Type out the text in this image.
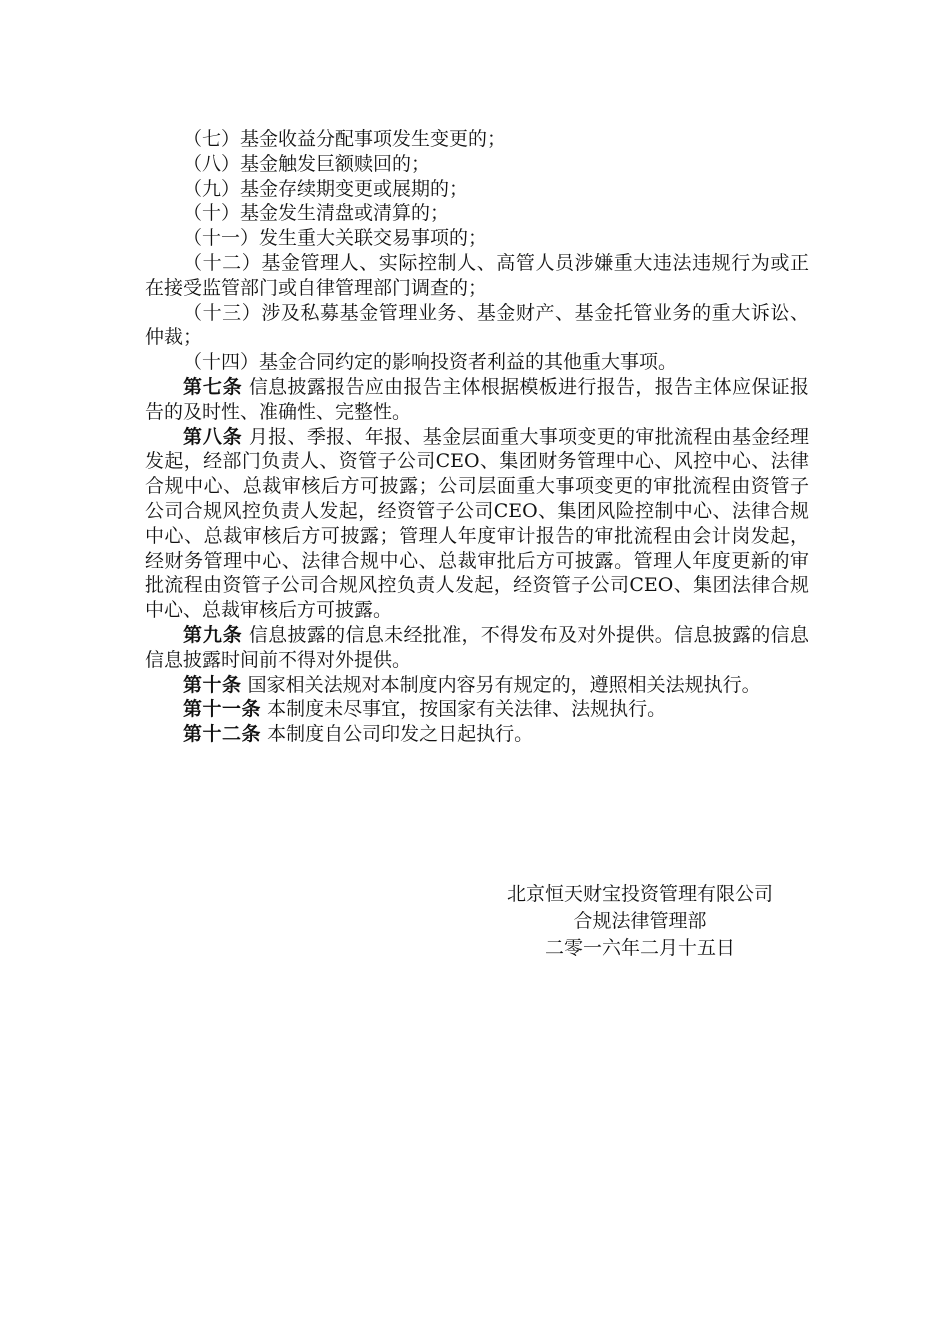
（七）基金收益分配事项发生变更的；

（八）基金触发巨额赎回的；

（九）基金存续期变更或展期的；

（十）基金发生清盘或清算的；

（十一）发生重大关联交易事项的；

（十二）基金管理人、实际控制人、高管人员涉嫌重大违法违规行为或正在接受监管部门或自律管理部门调查的；

（十三）涉及私募基金管理业务、基金财产、基金托管业务的重大诉讼、仲裁；

（十四）基金合同约定的影响投资者利益的其他重大事项。

第七条 信息披露报告应由报告主体根据模板进行报告，报告主体应保证报告的及时性、准确性、完整性。

第八条 月报、季报、年报、基金层面重大事项变更的审批流程由基金经理发起，经部门负责人、资管子公司CEO、集团财务管理中心、风控中心、法律合规中心、总裁审核后方可披露；公司层面重大事项变更的审批流程由资管子公司合规风控负责人发起，经资管子公司CEO、集团风险控制中心、法律合规中心、总裁审核后方可披露；管理人年度审计报告的审批流程由会计岗发起，经财务管理中心、法律合规中心、总裁审批后方可披露。管理人年度更新的审批流程由资管子公司合规风控负责人发起，经资管子公司CEO、集团法律合规中心、总裁审核后方可披露。

第九条 信息披露的信息未经批准，不得发布及对外提供。信息披露的信息信息披露时间前不得对外提供。

第十条 国家相关法规对本制度内容另有规定的，遵照相关法规执行。

第十一条 本制度未尽事宜，按国家有关法律、法规执行。

第十二条 本制度自公司印发之日起执行。

北京恒天财宝投资管理有限公司
合规法律管理部
二零一六年二月十五日
